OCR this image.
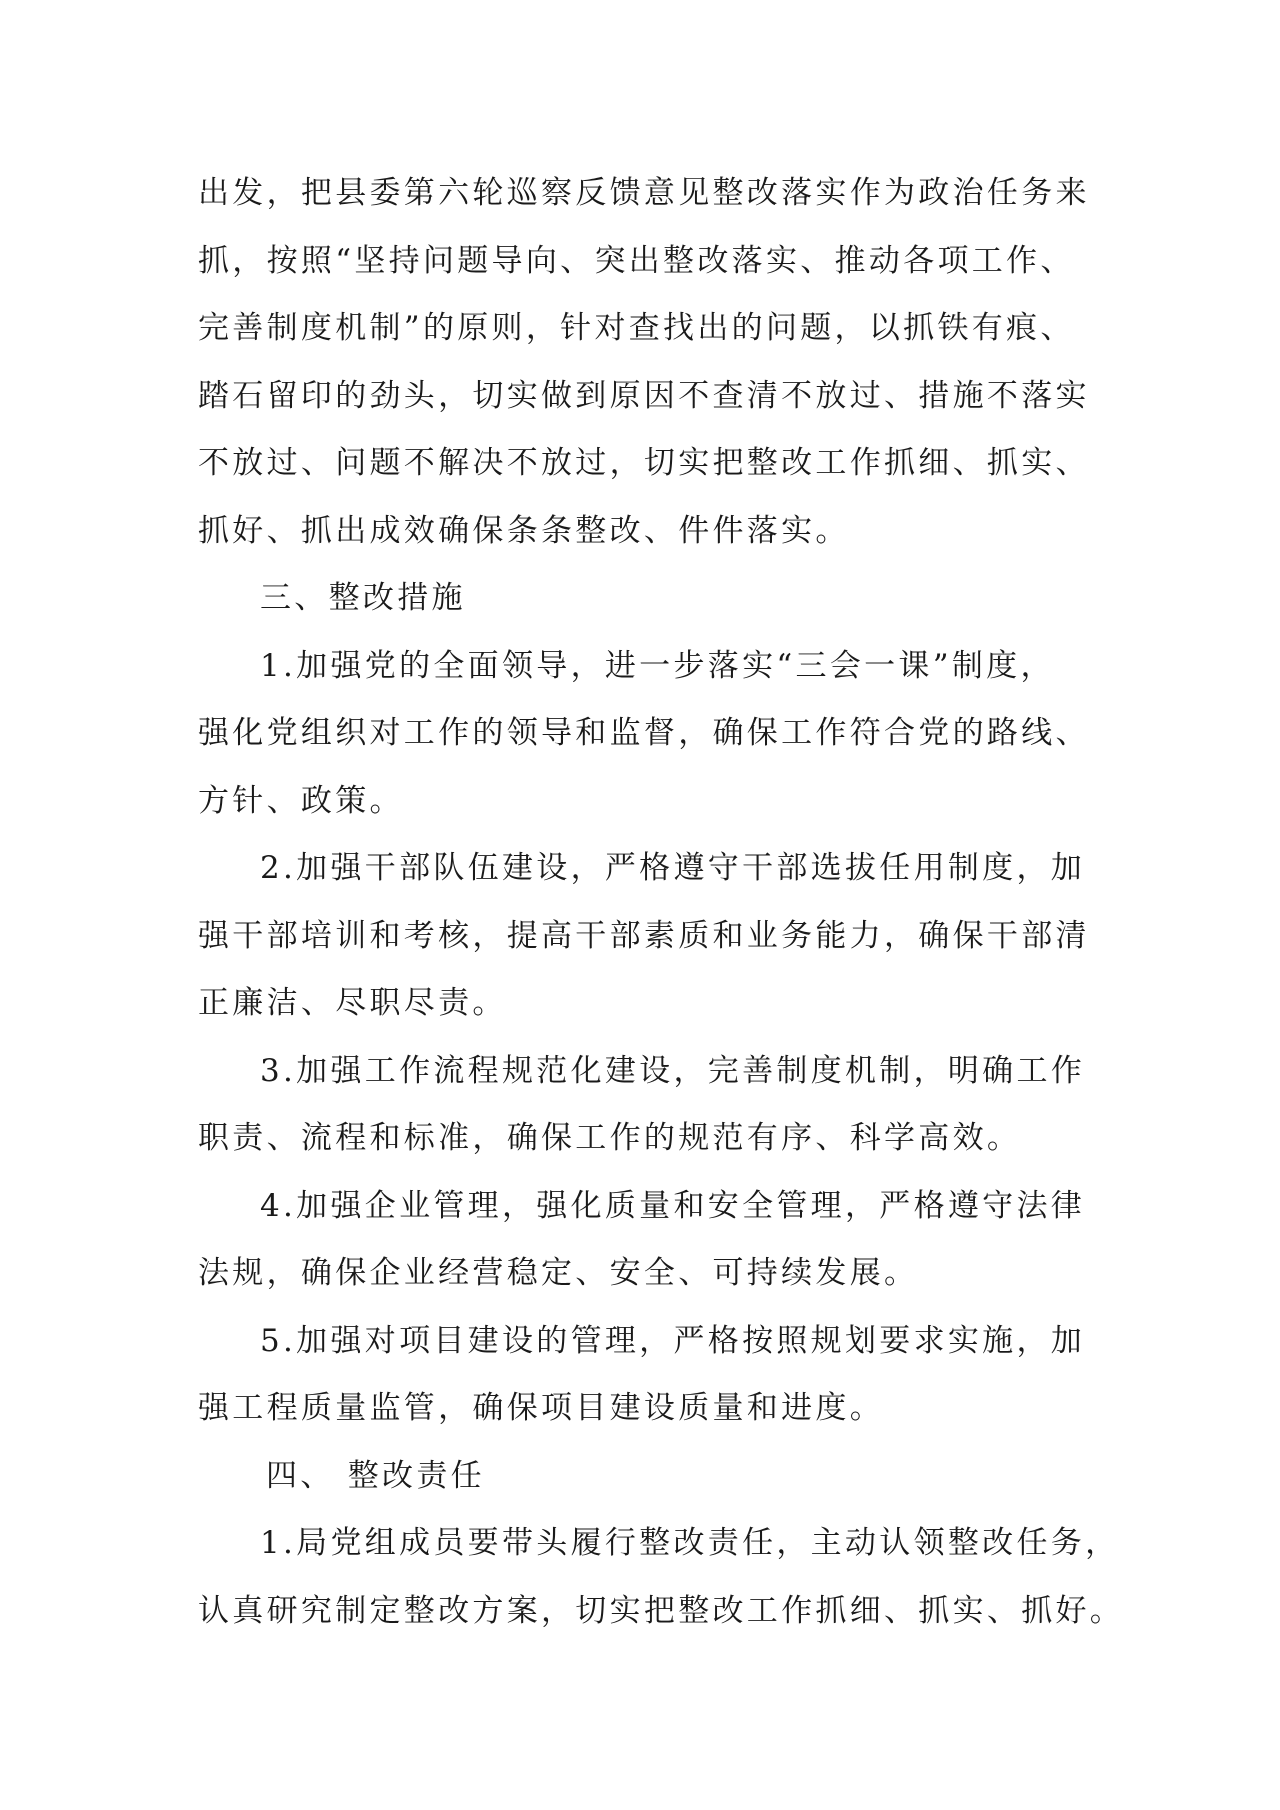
出发，把县委第六轮巡察反馈意见整改落实作为政治任务来
抓，按照“坚持问题导向、突出整改落实、推动各项工作、
完善制度机制”的原则，针对查找出的问题，以抓铁有痕、
踏石留印的劲头，切实做到原因不查清不放过、措施不落实
不放过、问题不解决不放过，切实把整改工作抓细、抓实、
抓好、抓出成效确保条条整改、件件落实。
三、整改措施
1.加强党的全面领导，进一步落实“三会一课”制度，
强化党组织对工作的领导和监督，确保工作符合党的路线、
方针、政策。
2.加强干部队伍建设，严格遵守干部选拔任用制度，加
强干部培训和考核，提高干部素质和业务能力，确保干部清
正廉洁、尽职尽责。
3.加强工作流程规范化建设，完善制度机制，明确工作
职责、流程和标准，确保工作的规范有序、科学高效。
4.加强企业管理，强化质量和安全管理，严格遵守法律
法规，确保企业经营稳定、安全、可持续发展。
5.加强对项目建设的管理，严格按照规划要求实施，加
强工程质量监管，确保项目建设质量和进度。
四、 整改责任
1.局党组成员要带头履行整改责任，主动认领整改任务，
认真研究制定整改方案，切实把整改工作抓细、抓实、抓好。
